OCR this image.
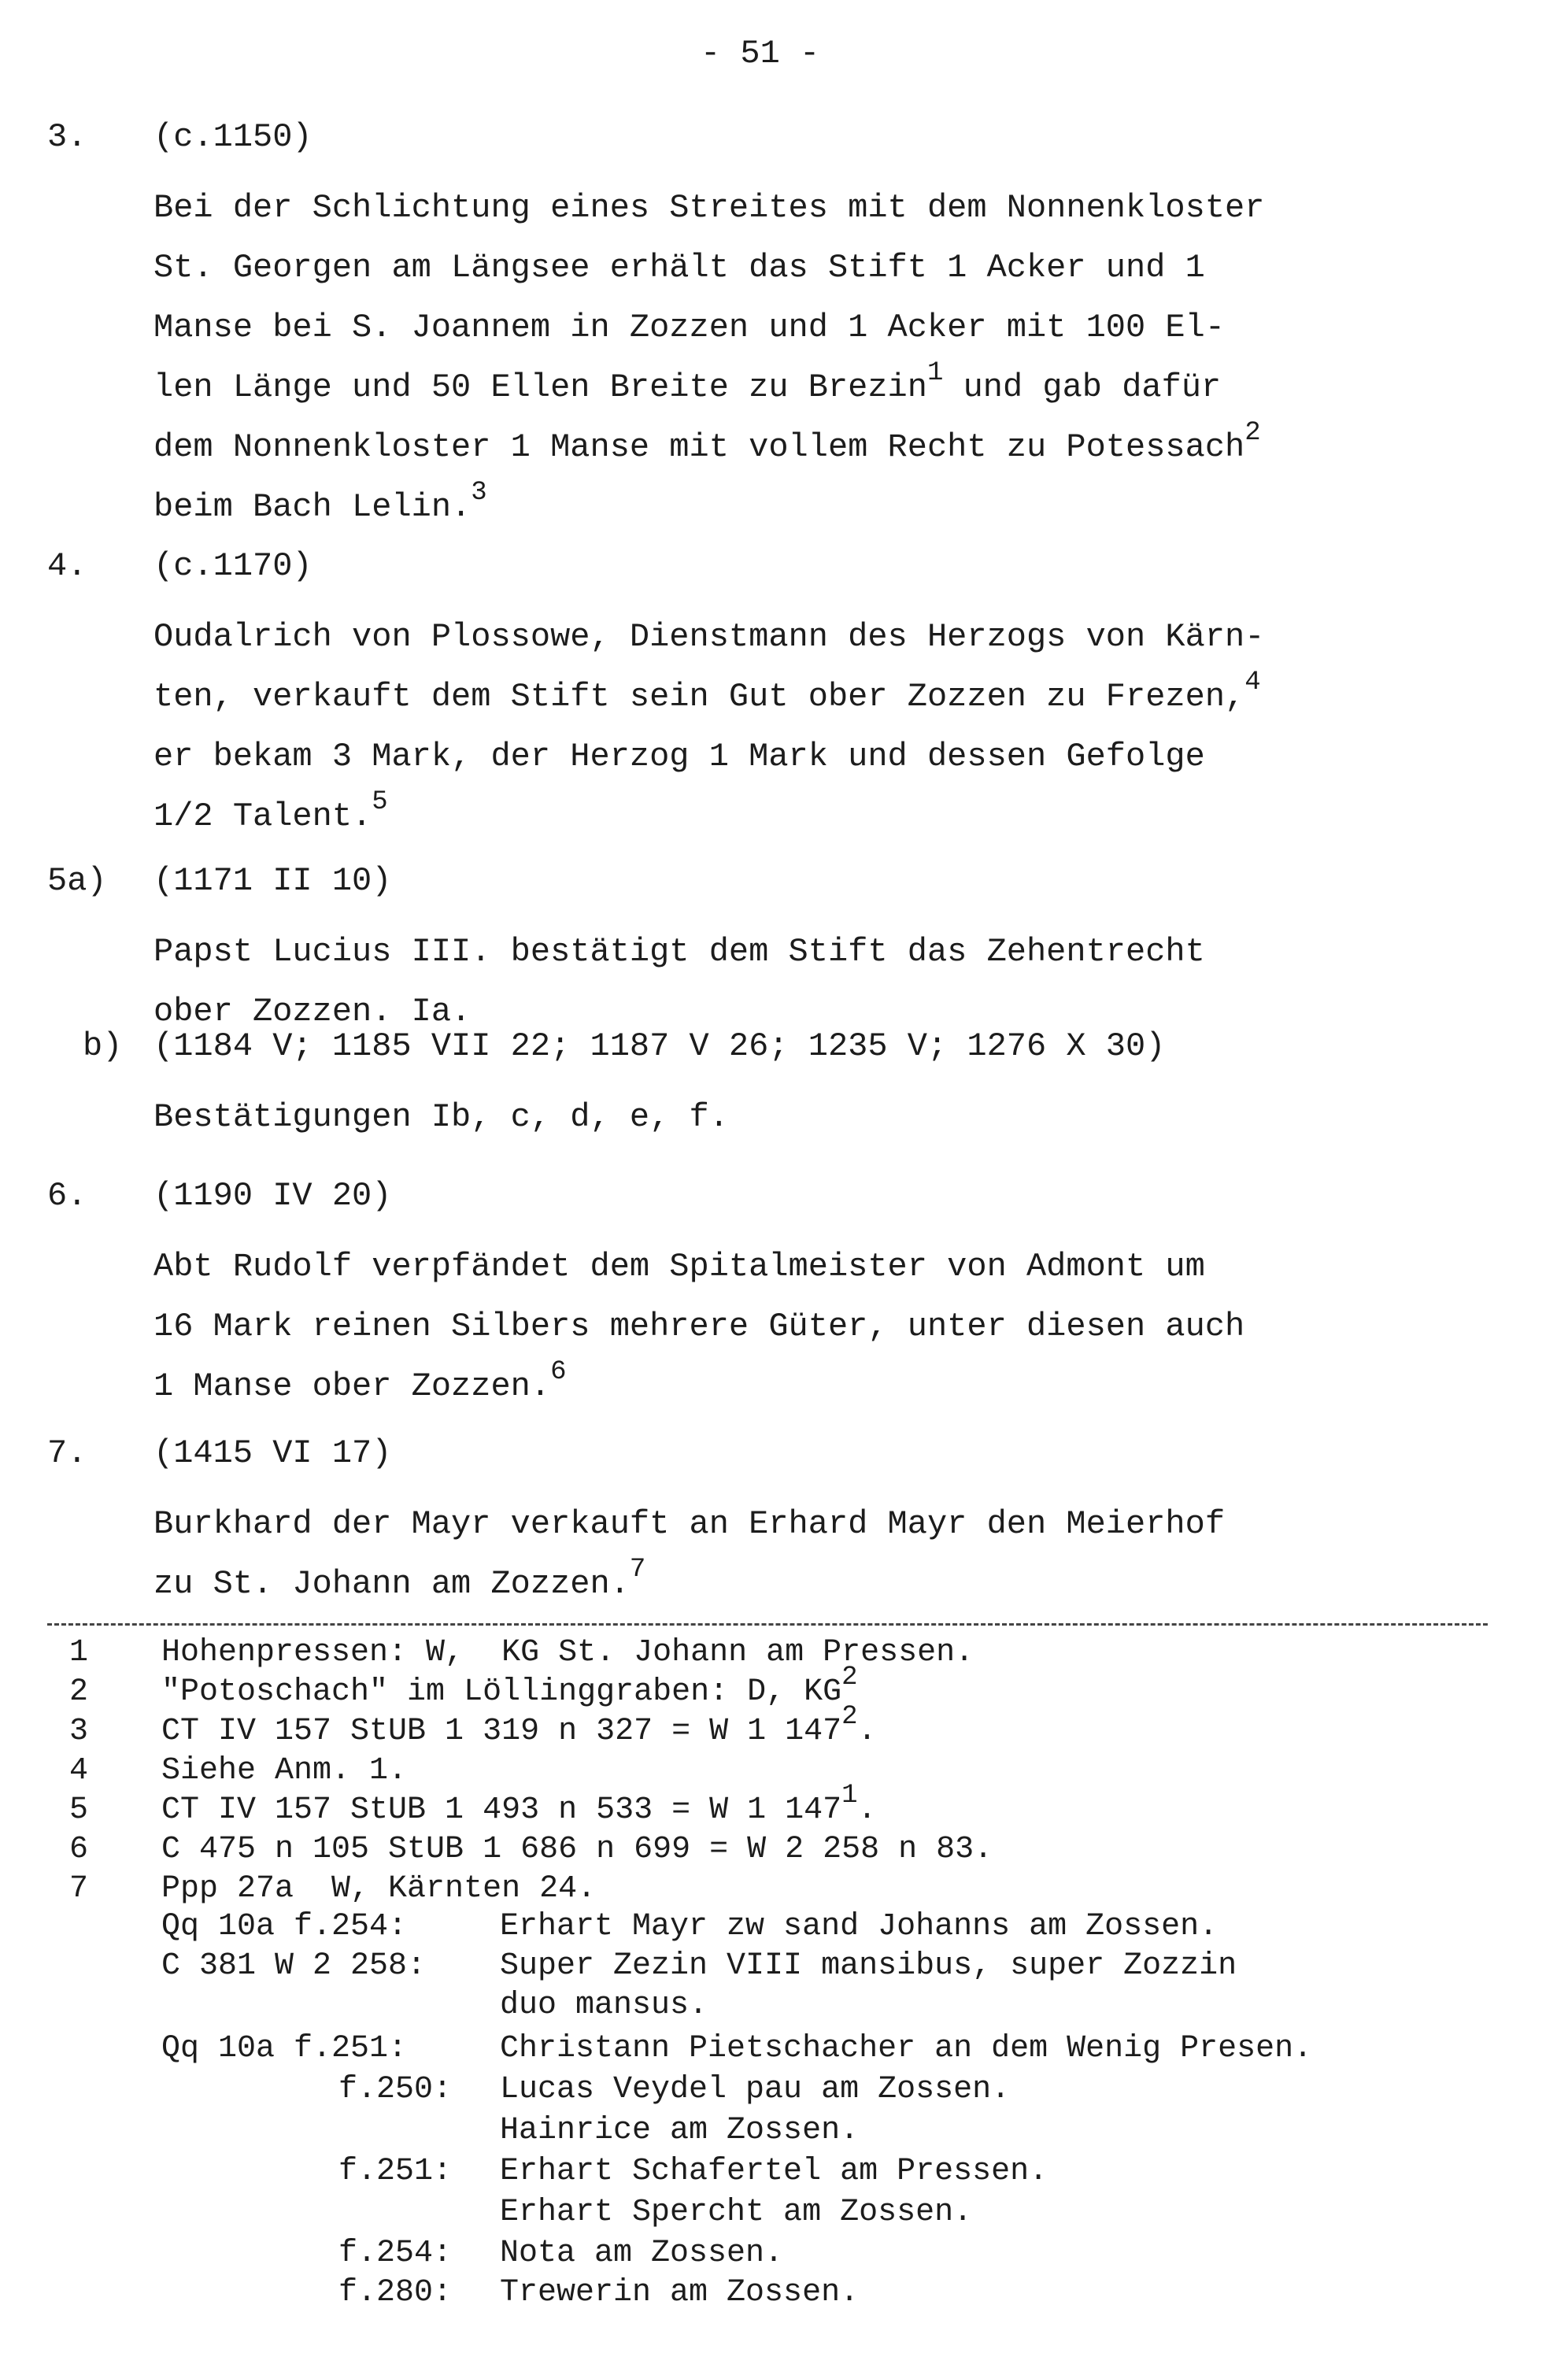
- 51 -
3. (c.1150)
Bei der Schlichtung eines Streites mit dem Nonnenkloster
St. Georgen am Längsee erhält das Stift 1 Acker und 1
Manse bei S. Joannem in Zozzen und 1 Acker mit 100 El-
len Länge und 50 Ellen Breite zu Brezin$^1$ und gab dafür
dem Nonnenkloster 1 Manse mit vollem Recht zu Potessach$^2$
beim Bach Lelin.$^3$
4. (c.1170)
Oudalrich von Plossowe, Dienstmann des Herzogs von Kärn-
ten, verkauft dem Stift sein Gut ober Zozzen zu Frezen,$^4$
er bekam 3 Mark, der Herzog 1 Mark und dessen Gefolge
1/2 Talent.$^5$
5a) (1171 II 10)
Papst Lucius III. bestätigt dem Stift das Zehentrecht
ober Zozzen. Ia.
b) (1184 V; 1185 VII 22; 1187 V 26; 1235 V; 1276 X 30)
Bestätigungen Ib, c, d, e, f.
6. (1190 IV 20)
Abt Rudolf verpfändet dem Spitalmeister von Admont um
16 Mark reinen Silbers mehrere Güter, unter diesen auch
1 Manse ober Zozzen.$^6$
7. (1415 VI 17)
Burkhard der Mayr verkauft an Erhard Mayr den Meierhof
zu St. Johann am Zozzen.$^7$
1 Hohenpressen: W,  KG St. Johann am Pressen.
2 "Potoschach" im Löllinggraben: D, $KG^2$
3 CT IV 157 StUB 1 319 n 327 = W 1 $147^2$.
4 Siehe Anm. 1.
5 CT IV 157 StUB 1 493 n 533 = W 1 $147^1$.
6 C 475 n 105 StUB 1 686 n 699 = W 2 258 n 83.
7 Ppp 27a  W, Kärnten 24.
Qq 10a f.254:	Erhart Mayr zw sand Johanns am Zossen.
C 381 W 2 258: Super Zezin VIII mansibus, super Zozzin
duo mansus.
Qq 10a f.251:	Christann Pietschacher an dem Wenig Presen.
f.250: Lucas Veydel pau am Zossen.
Hainrice am Zossen.
f.251: Erhart Schafertel am Pressen.
Erhart Spercht am Zossen.
f.254: Nota am Zossen.
f.280: Trewerin am Zossen.
